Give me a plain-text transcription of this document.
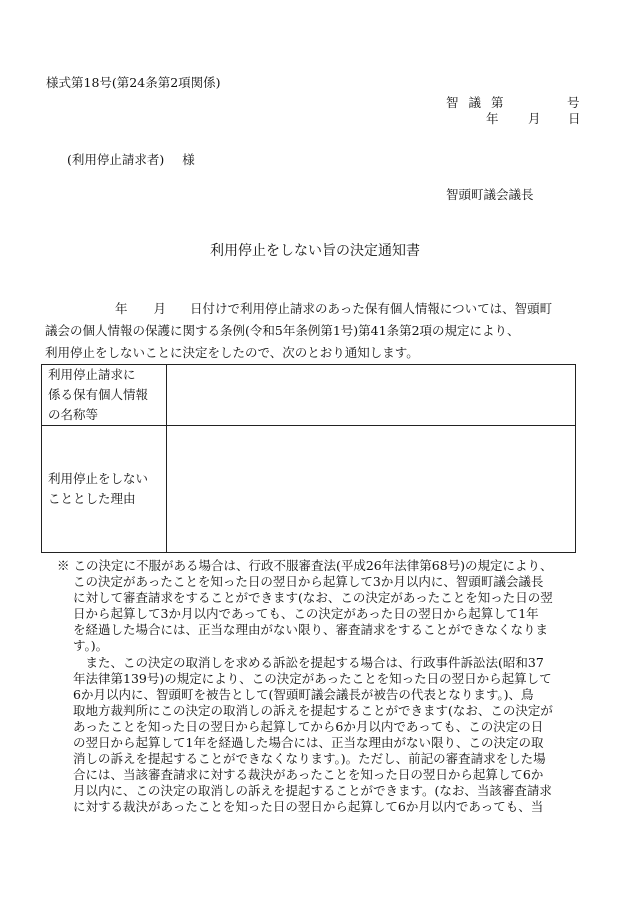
様式第18号(第24条第2項関係)
智議第	号
年 月 日
(利用停止請求者) 様
智頭町議会議長
利用停止をしない旨の決定通知書
年 月 日付けで利用停止請求のあった保有個人情報については、智頭町
議会の個人情報の保護に関する条例(令和5年条例第1号)第41条第2項の規定により、
利用停止をしないことに決定をしたので、次のとおり通知します。
利用停止請求に
係る保有個人情報
の名称等	

利用停止をしない
こととした理由	

※ この決定に不服がある場合は、行政不服審査法(平成26年法律第68号)の規定により、
この決定があったことを知った日の翌日から起算して3か月以内に、智頭町議会議長
に対して審査請求をすることができます(なお、この決定があったことを知った日の翌
日から起算して3か月以内であっても、この決定があった日の翌日から起算して1年
を経過した場合には、正当な理由がない限り、審査請求をすることができなくなりま
す。)。
　また、この決定の取消しを求める訴訟を提起する場合は、行政事件訴訟法(昭和37
年法律第139号)の規定により、この決定があったことを知った日の翌日から起算して
6か月以内に、智頭町を被告として(智頭町議会議長が被告の代表となります。)、鳥
取地方裁判所にこの決定の取消しの訴えを提起することができます(なお、この決定が
あったことを知った日の翌日から起算してから6か月以内であっても、この決定の日
の翌日から起算して1年を経過した場合には、正当な理由がない限り、この決定の取
消しの訴えを提起することができなくなります。)。ただし、前記の審査請求をした場
合には、当該審査請求に対する裁決があったことを知った日の翌日から起算して6か
月以内に、この決定の取消しの訴えを提起することができます。(なお、当該審査請求
に対する裁決があったことを知った日の翌日から起算して6か月以内であっても、当
